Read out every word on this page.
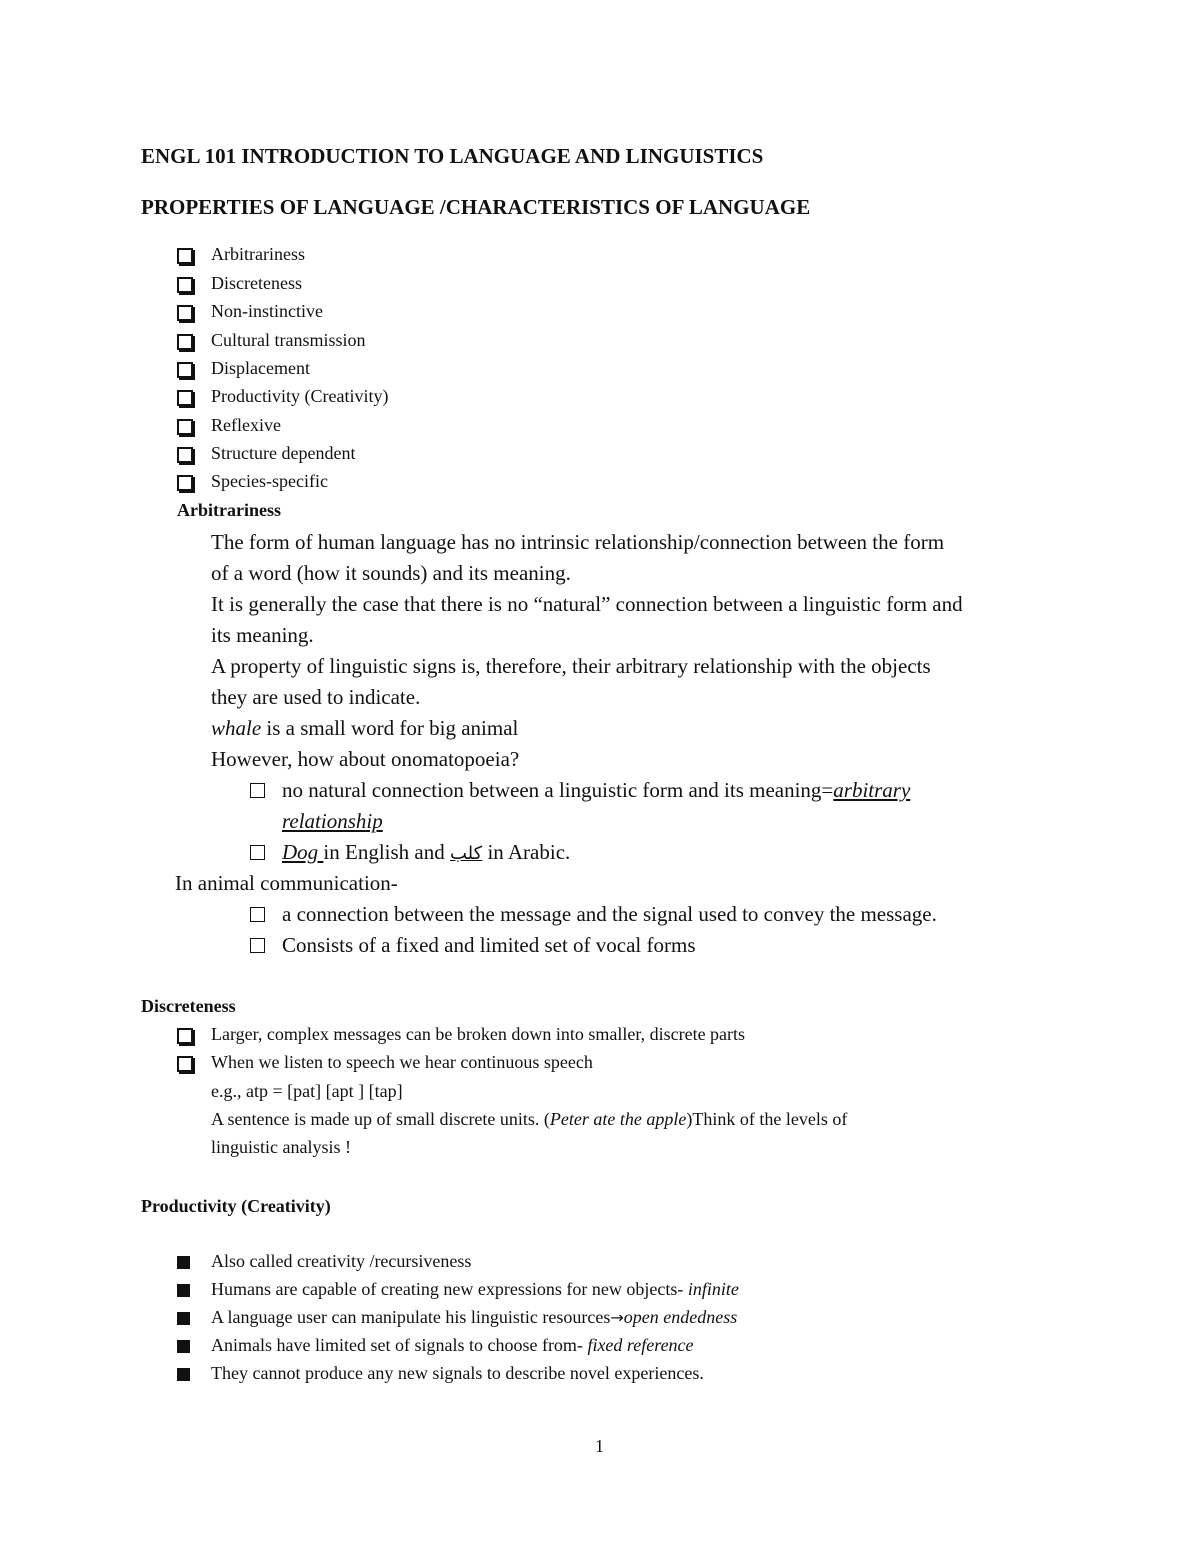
ENGL 101 INTRODUCTION TO LANGUAGE AND LINGUISTICS
PROPERTIES OF LANGUAGE /CHARACTERISTICS OF LANGUAGE
Arbitrariness
Discreteness
Non-instinctive
Cultural transmission
Displacement
Productivity (Creativity)
Reflexive
Structure dependent
Species-specific
Arbitrariness
The form of human language has no intrinsic relationship/connection between the form
of a word (how it sounds) and its meaning.
It is generally the case that there is no “natural” connection between a linguistic form and
its meaning.
A property of linguistic signs is, therefore, their arbitrary relationship with the objects
they are used to indicate.
whale is a small word for big animal
However, how about onomatopoeia?
no natural connection between a linguistic form and its meaning=arbitrary
relationship
Dog in English and كلب in Arabic.
In animal communication-
a connection between the message and the signal used to convey the message.
Consists of a fixed and limited set of vocal forms
Discreteness
Larger, complex messages can be broken down into smaller, discrete parts
When we listen to speech we hear continuous speech
e.g., atp = [pat] [apt ] [tap]
A sentence is made up of small discrete units. (Peter ate the apple)Think of the levels of
linguistic analysis !
Productivity (Creativity)
Also called creativity /recursiveness
Humans are capable of creating new expressions for new objects- infinite
A language user can manipulate his linguistic resources→open endedness
Animals have limited set of signals to choose from- fixed reference
They cannot produce any new signals to describe novel experiences.
1
